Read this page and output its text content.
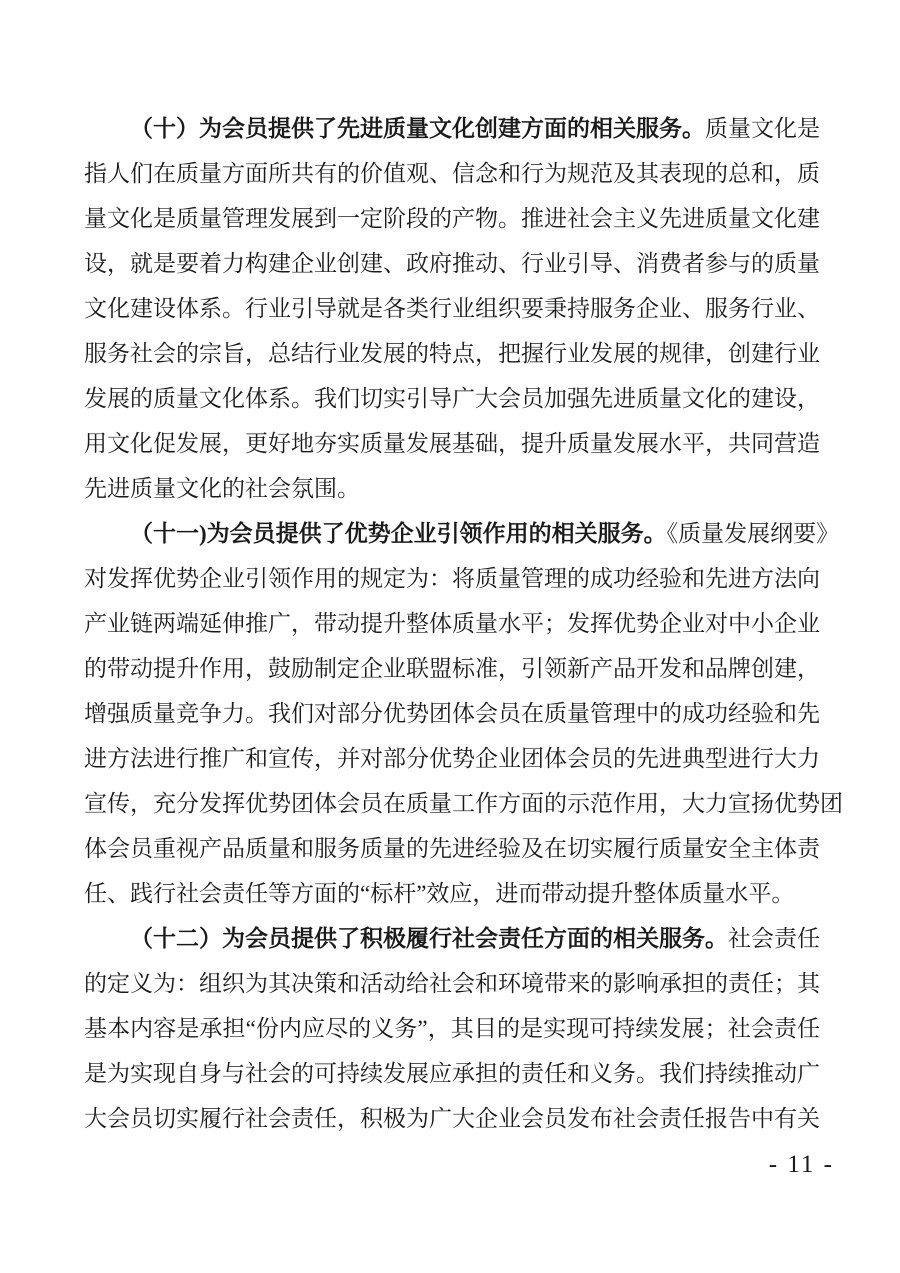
（十）为会员提供了先进质量文化创建方面的相关服务。质量文化是
指人们在质量方面所共有的价值观、信念和行为规范及其表现的总和，质
量文化是质量管理发展到一定阶段的产物。推进社会主义先进质量文化建
设，就是要着力构建企业创建、政府推动、行业引导、消费者参与的质量
文化建设体系。行业引导就是各类行业组织要秉持服务企业、服务行业、
服务社会的宗旨，总结行业发展的特点，把握行业发展的规律，创建行业
发展的质量文化体系。我们切实引导广大会员加强先进质量文化的建设，
用文化促发展，更好地夯实质量发展基础，提升质量发展水平，共同营造
先进质量文化的社会氛围。
（十一)为会员提供了优势企业引领作用的相关服务。《质量发展纲要》
对发挥优势企业引领作用的规定为：将质量管理的成功经验和先进方法向
产业链两端延伸推广，带动提升整体质量水平；发挥优势企业对中小企业
的带动提升作用，鼓励制定企业联盟标准，引领新产品开发和品牌创建，
增强质量竞争力。我们对部分优势团体会员在质量管理中的成功经验和先
进方法进行推广和宣传，并对部分优势企业团体会员的先进典型进行大力
宣传，充分发挥优势团体会员在质量工作方面的示范作用，大力宣扬优势团
体会员重视产品质量和服务质量的先进经验及在切实履行质量安全主体责
任、践行社会责任等方面的“标杆”效应，进而带动提升整体质量水平。
（十二）为会员提供了积极履行社会责任方面的相关服务。社会责任
的定义为：组织为其决策和活动给社会和环境带来的影响承担的责任；其
基本内容是承担“份内应尽的义务”，其目的是实现可持续发展；社会责任
是为实现自身与社会的可持续发展应承担的责任和义务。我们持续推动广
大会员切实履行社会责任，积极为广大企业会员发布社会责任报告中有关
- 11 -
